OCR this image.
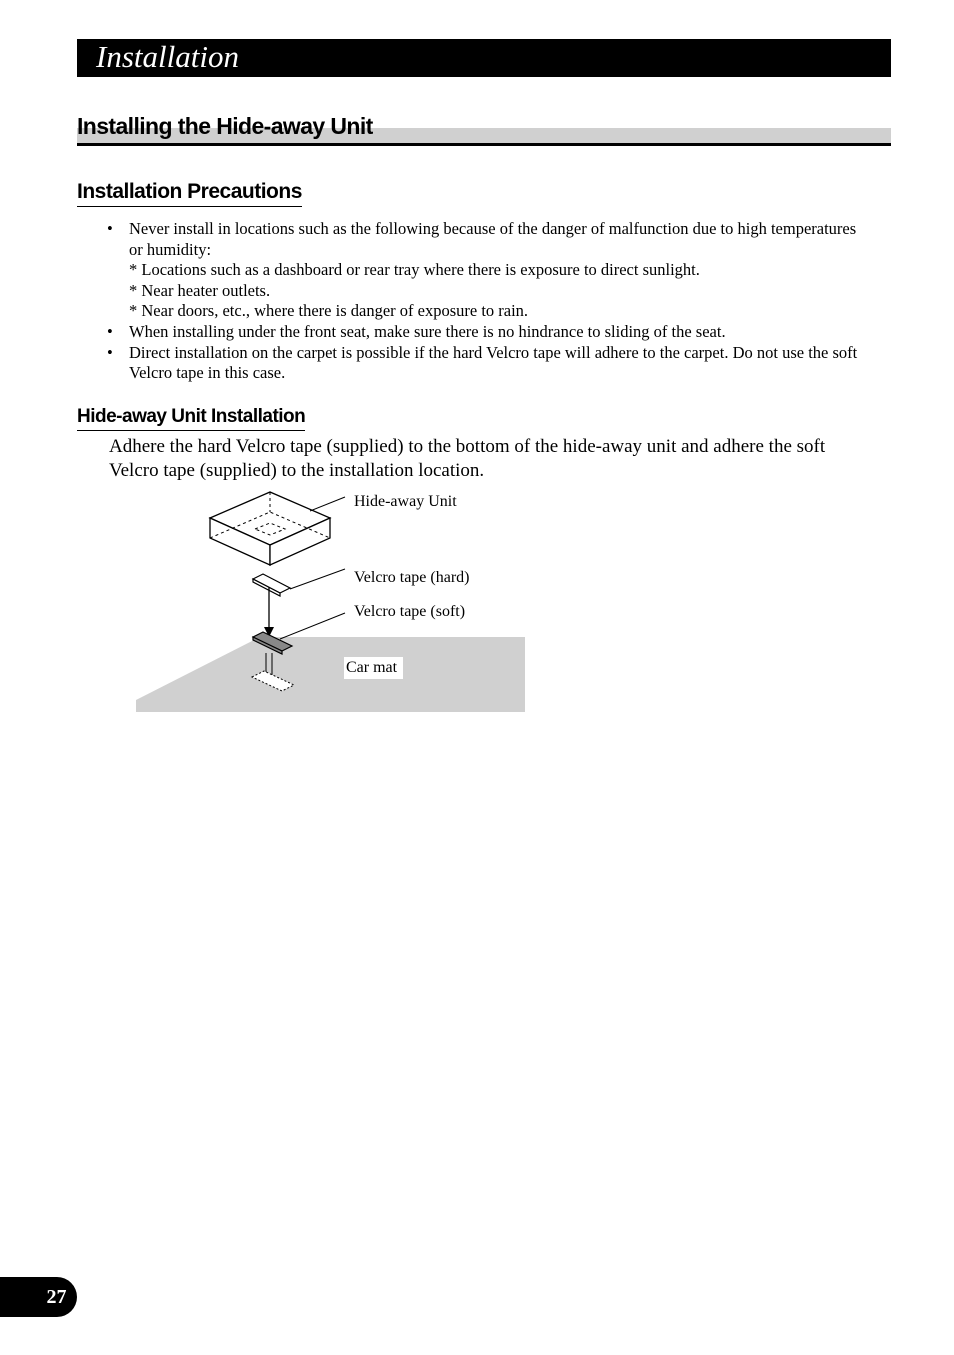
Installation
Installing the Hide-away Unit
Installation Precautions
• Never install in locations such as the following because of the danger of malfunction due to high temperatures or humidity:
* Locations such as a dashboard or rear tray where there is exposure to direct sunlight.
* Near heater outlets.
* Near doors, etc., where there is danger of exposure to rain.
• When installing under the front seat, make sure there is no hindrance to sliding of the seat.
• Direct installation on the carpet is possible if the hard Velcro tape will adhere to the carpet. Do not use the soft Velcro tape in this case.
Hide-away Unit Installation
Adhere the hard Velcro tape (supplied) to the bottom of the hide-away unit and adhere the soft Velcro tape (supplied) to the installation location.
Hide-away Unit
Velcro tape (hard)
Velcro tape (soft)
Car mat
27
